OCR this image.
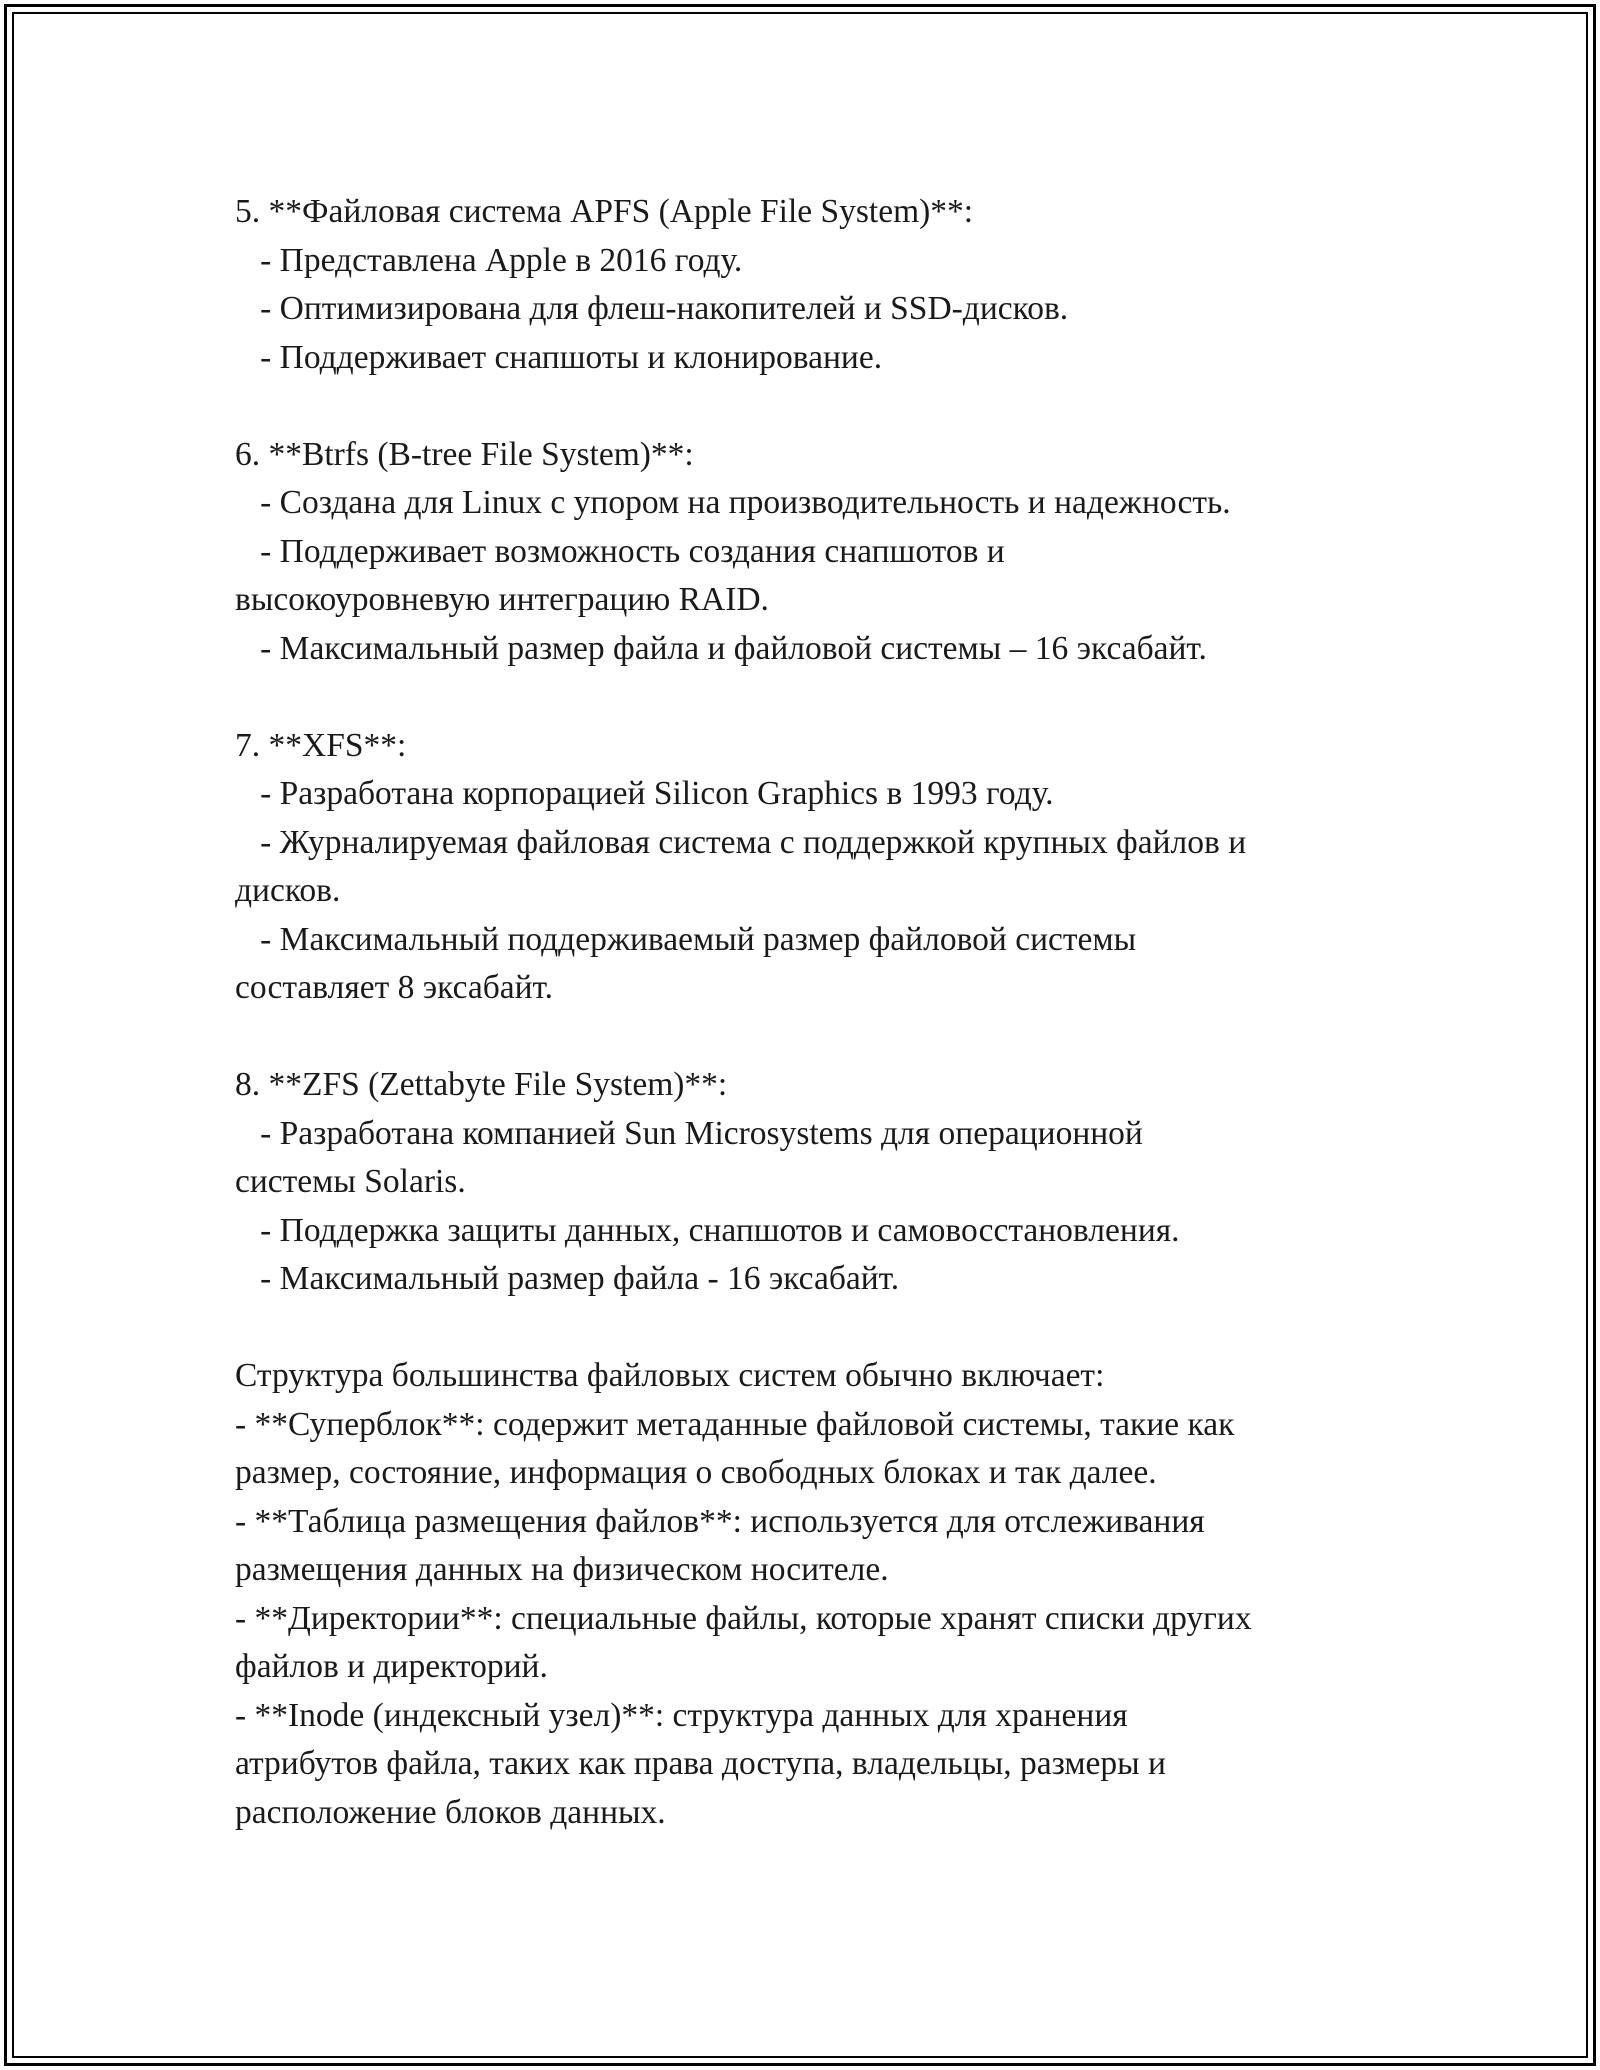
5. **Файловая система APFS (Apple File System)**:
- Представлена Apple в 2016 году.
- Оптимизирована для флеш-накопителей и SSD-дисков.
- Поддерживает снапшоты и клонирование.
6. **Btrfs (B-tree File System)**:
- Создана для Linux с упором на производительность и надежность.
- Поддерживает возможность создания снапшотов и
высокоуровневую интеграцию RAID.
- Максимальный размер файла и файловой системы – 16 эксабайт.
7. **XFS**:
- Разработана корпорацией Silicon Graphics в 1993 году.
- Журналируемая файловая система с поддержкой крупных файлов и
дисков.
- Максимальный поддерживаемый размер файловой системы
составляет 8 эксабайт.
8. **ZFS (Zettabyte File System)**:
- Разработана компанией Sun Microsystems для операционной
системы Solaris.
- Поддержка защиты данных, снапшотов и самовосстановления.
- Максимальный размер файла - 16 эксабайт.
Структура большинства файловых систем обычно включает:
- **Суперблок**: содержит метаданные файловой системы, такие как
размер, состояние, информация о свободных блоках и так далее.
- **Таблица размещения файлов**: используется для отслеживания
размещения данных на физическом носителе.
- **Директории**: специальные файлы, которые хранят списки других
файлов и директорий.
- **Inode (индексный узел)**: структура данных для хранения
атрибутов файла, таких как права доступа, владельцы, размеры и
расположение блоков данных.
